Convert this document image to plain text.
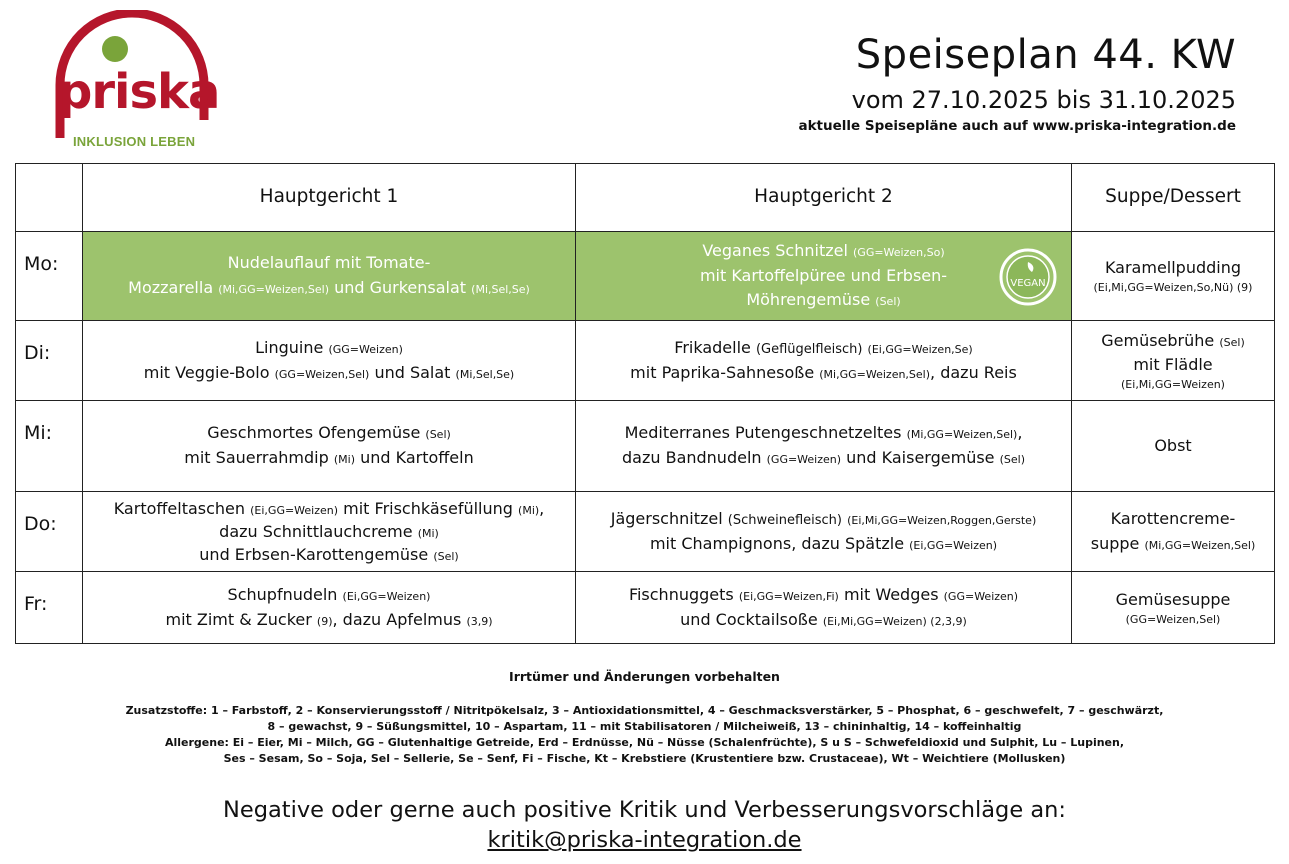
priska
INKLUSION LEBEN
Speiseplan 44. KW
vom 27.10.2025 bis 31.10.2025
aktuelle Speisepläne auch auf www.priska-integration.de
	Hauptgericht 1	Hauptgericht 2	Suppe/Dessert
Mo:	Nudelauflauf mit Tomate-
Mozzarella (Mi,GG=Weizen,Sel) und Gurkensalat (Mi,Sel,Se)	Veganes Schnitzel (GG=Weizen,So)
mit Kartoffelpüree und Erbsen-
Möhrengemüse (Sel)
VEGAN	Karamellpudding
(Ei,Mi,GG=Weizen,So,Nü) (9)

Di:	Linguine (GG=Weizen)
mit Veggie-Bolo (GG=Weizen,Sel) und Salat (Mi,Sel,Se)	Frikadelle (Geflügelfleisch) (Ei,GG=Weizen,Se)
mit Paprika-Sahnesoße (Mi,GG=Weizen,Sel), dazu Reis	Gemüsebrühe (Sel)
mit Flädle
(Ei,Mi,GG=Weizen)

Mi:	Geschmortes Ofengemüse (Sel)
mit Sauerrahmdip (Mi) und Kartoffeln	Mediterranes Putengeschnetzeltes (Mi,GG=Weizen,Sel),
dazu Bandnudeln (GG=Weizen) und Kaisergemüse (Sel)	Obst
Do:	Kartoffeltaschen (Ei,GG=Weizen) mit Frischkäsefüllung (Mi),
dazu Schnittlauchcreme (Mi)
und Erbsen-Karottengemüse (Sel)	Jägerschnitzel (Schweinefleisch) (Ei,Mi,GG=Weizen,Roggen,Gerste)
mit Champignons, dazu Spätzle (Ei,GG=Weizen)	Karottencreme-
suppe (Mi,GG=Weizen,Sel)
Fr:	Schupfnudeln (Ei,GG=Weizen)
mit Zimt & Zucker (9), dazu Apfelmus (3,9)	Fischnuggets (Ei,GG=Weizen,Fi) mit Wedges (GG=Weizen)
und Cocktailsoße (Ei,Mi,GG=Weizen) (2,3,9)	Gemüsesuppe
(GG=Weizen,Sel)
Irrtümer und Änderungen vorbehalten
Zusatzstoffe: 1 – Farbstoff, 2 – Konservierungsstoff / Nitritpökelsalz, 3 – Antioxidationsmittel, 4 – Geschmacksverstärker, 5 – Phosphat, 6 – geschwefelt, 7 – geschwärzt,
8 – gewachst, 9 – Süßungsmittel, 10 – Aspartam, 11 – mit Stabilisatoren / Milcheiweiß, 13 – chininhaltig, 14 – koffeinhaltig
Allergene: Ei – Eier, Mi – Milch, GG – Glutenhaltige Getreide, Erd – Erdnüsse, Nü – Nüsse (Schalenfrüchte), S u S – Schwefeldioxid und Sulphit, Lu – Lupinen,
Ses – Sesam, So – Soja, Sel – Sellerie, Se – Senf, Fi – Fische, Kt – Krebstiere (Krustentiere bzw. Crustaceae), Wt – Weichtiere (Mollusken)
Negative oder gerne auch positive Kritik und Verbesserungsvorschläge an:
kritik@priska-integration.de
